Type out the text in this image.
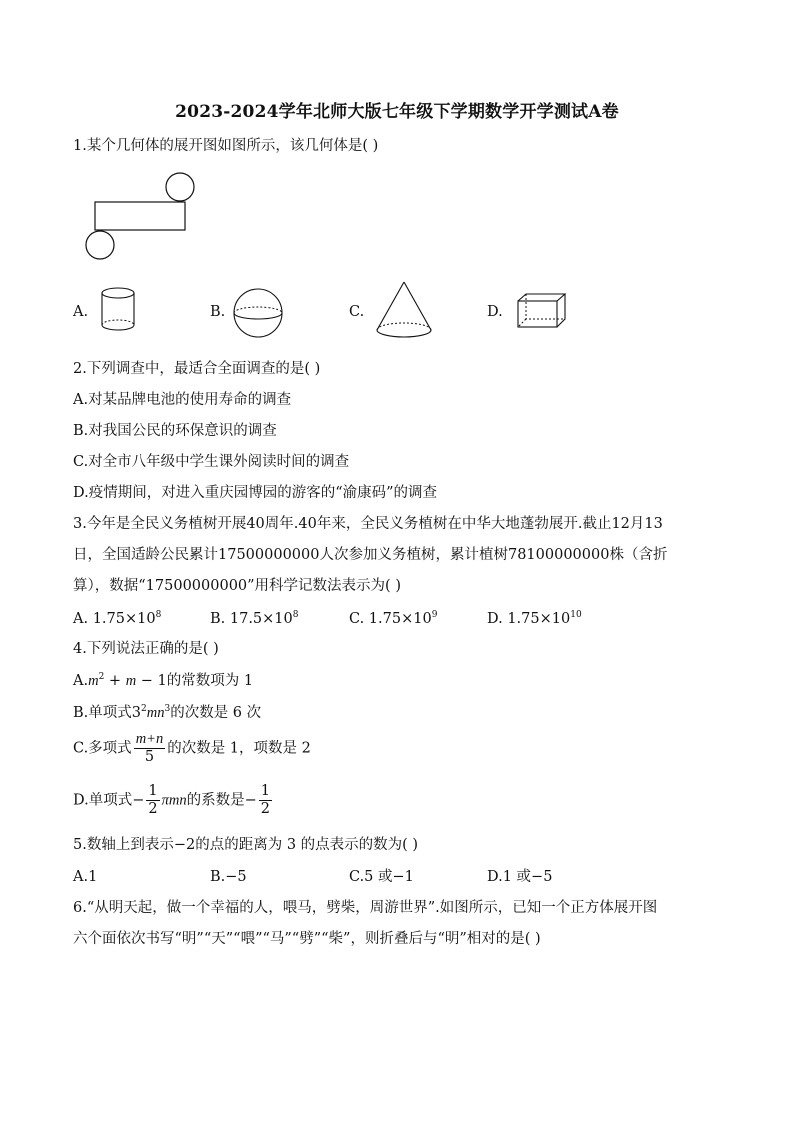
2023-2024学年北师大版七年级下学期数学开学测试A卷
1.某个几何体的展开图如图所示，该几何体是( )
A.	B.	C.	D.
2.下列调查中，最适合全面调查的是( )
A.对某品牌电池的使用寿命的调查
B.对我国公民的环保意识的调查
C.对全市八年级中学生课外阅读时间的调查
D.疫情期间，对进入重庆园博园的游客的“渝康码”的调查
3.今年是全民义务植树开展40周年.40年来，全民义务植树在中华大地蓬勃展开.截止12月13
日，全国适龄公民累计17500000000人次参加义务植树，累计植树78100000000株（含折
算），数据“17500000000”用科学记数法表示为( )
A. $1.75\times 10^8$	B. $17.5\times 10^8$	C. $1.75\times 10^9$	D. $1.75\times 10^{10}$
4.下列说法正确的是( )
$A.m^2 + m - 1$的常数项为 1
B.单项式$3^2mn^3$的次数是 6 次
C.多项式 $\frac{m+n}{5}$ 的次数是 1，项数是 2
D.单项式− $\frac{1}{2}$ πmn的系数是− $\frac{1}{2}$
5.数轴上到表示−2的点的距离为 3 的点表示的数为( )
A.1	B.−5	C.5 或−1	D.1 或−5
6.“从明天起，做一个幸福的人，喂马，劈柴，周游世界”.如图所示，已知一个正方体展开图
六个面依次书写“明”“天”“喂”“马”“劈”“柴”，则折叠后与“明”相对的是( )
